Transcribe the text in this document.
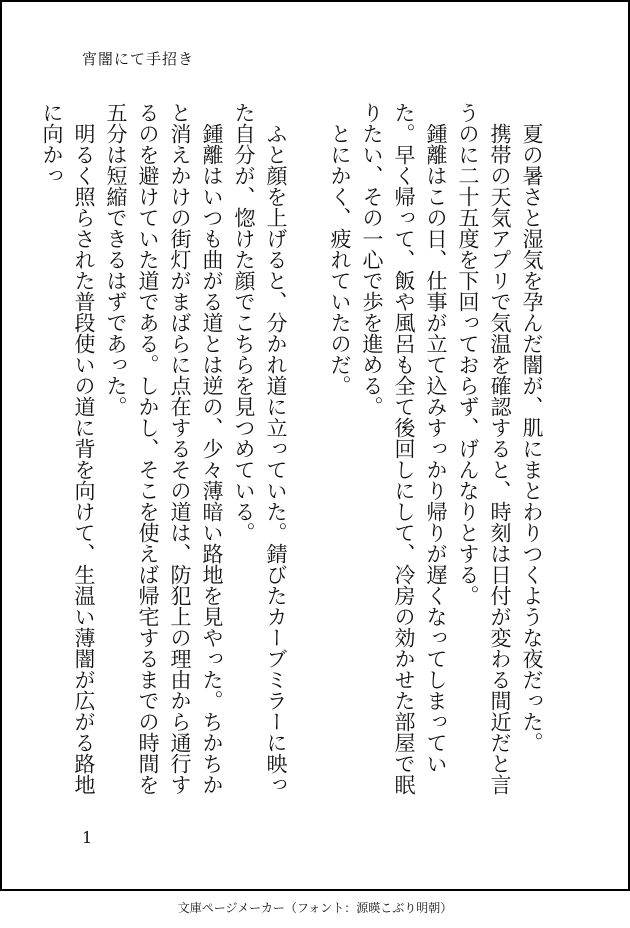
宵闇にて手招き

夏の暑さと湿気を孕んだ闇が、肌にまとわりつくような夜だった。

携帯の天気アプリで気温を確認すると、時刻は日付が変わる間近だと言うのに二十五度を下回っておらず、げんなりとする。

鍾離はこの日、仕事が立て込みすっかり帰りが遅くなってしまっていた。早く帰って、飯や風呂も全て後回しにして、冷房の効かせた部屋で眠りたい、その一心で歩を進める。

とにかく、疲れていたのだ。

ふと顔を上げると、分かれ道に立っていた。錆びたカーブミラーに映った自分が、惚けた顔でこちらを見つめている。

鍾離はいつも曲がる道とは逆の、少々薄暗い路地を見やった。ちかちかと消えかけの街灯がまばらに点在するその道は、防犯上の理由から通行するのを避けていた道である。しかし、そこを使えば帰宅するまでの時間を五分は短縮できるはずであった。

明るく照らされた普段使いの道に背を向けて、生温い薄闇が広がる路地に向かっ

1
文庫ページメーカー（フォント：源暎こぶり明朝）
